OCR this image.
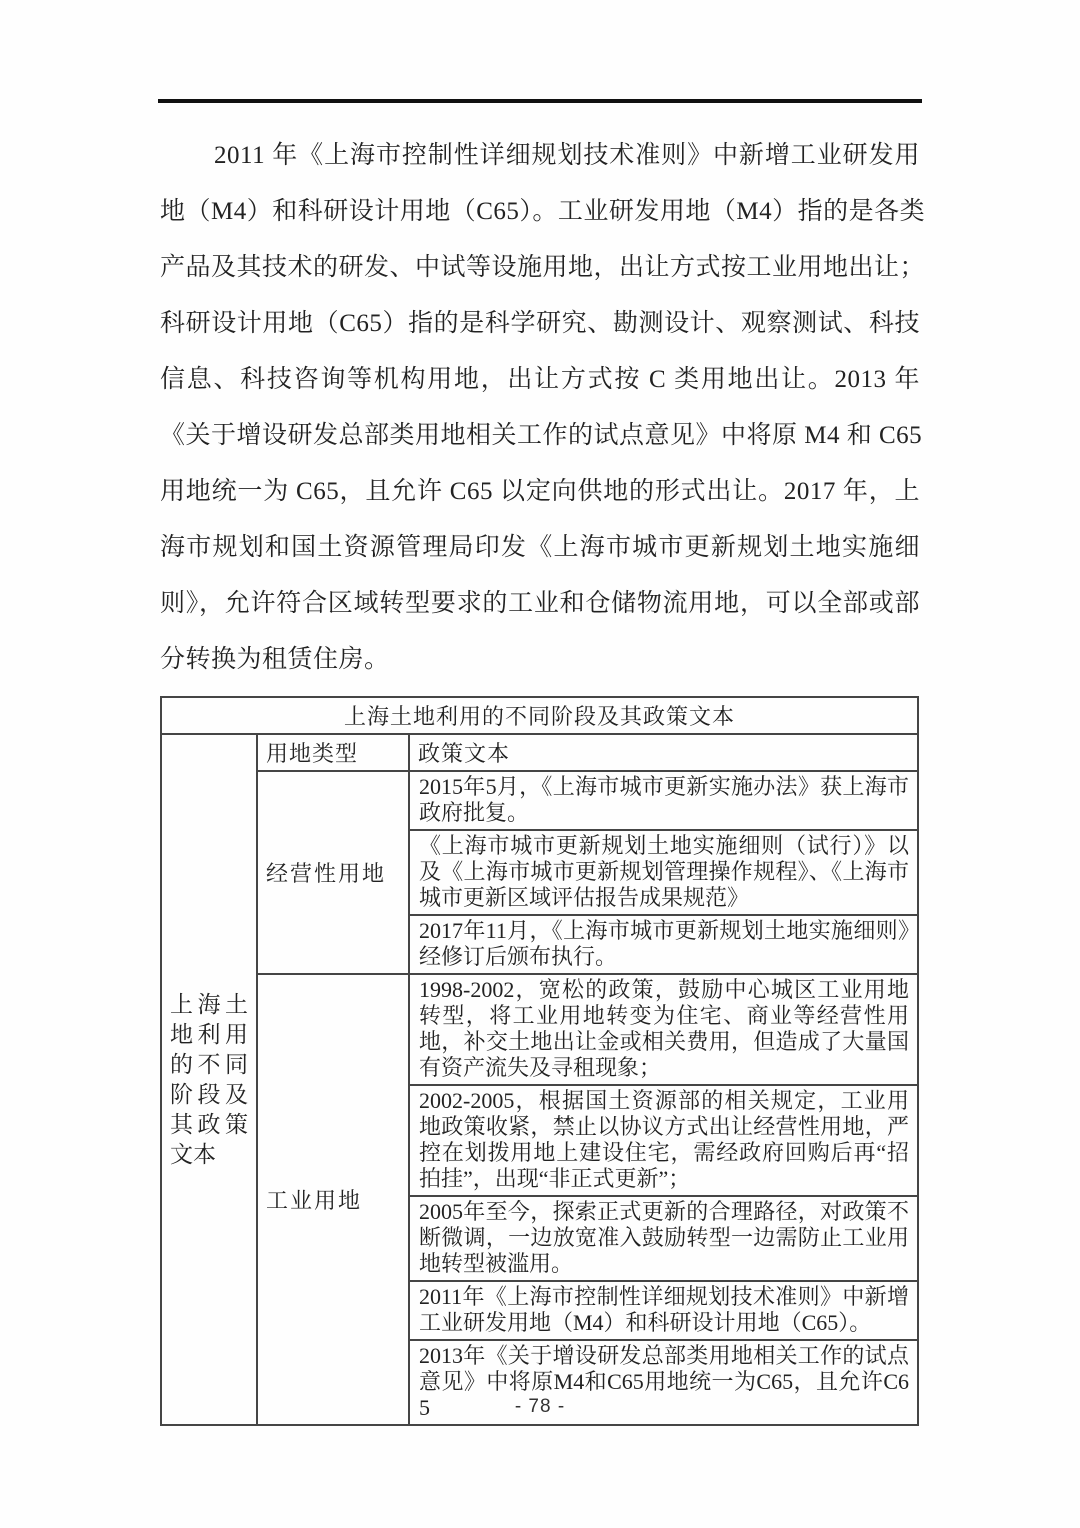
2011 年《上海市控制性详细规划技术准则》中新增工业研发用
地（M4）和科研设计用地（C65）。工业研发用地（M4）指的是各类
产品及其技术的研发、中试等设施用地，出让方式按工业用地出让；
科研设计用地（C65）指的是科学研究、勘测设计、观察测试、科技
信息、科技咨询等机构用地，出让方式按 C 类用地出让。2013 年
《关于增设研发总部类用地相关工作的试点意见》中将原 M4 和 C65
用地统一为 C65，且允许 C65 以定向供地的形式出让。2017 年，上
海市规划和国土资源管理局印发《上海市城市更新规划土地实施细
则》，允许符合区域转型要求的工业和仓储物流用地，可以全部或部
分转换为租赁住房。
上海土地利用的不同阶段及其政策文本		

上海土地利用的不同阶段及其政策文本	用地类型	政策文本
	经营性用地	2015年5月，《上海市城市更新实施办法》获上海市政府批复。
		《上海市城市更新规划土地实施细则（试行）》以及《上海市城市更新规划管理操作规程》、《上海市城市更新区域评估报告成果规范》
		2017年11月，《上海市城市更新规划土地实施细则》经修订后颁布执行。
	工业用地	1998-2002，宽松的政策，鼓励中心城区工业用地转型，将工业用地转变为住宅、商业等经营性用地，补交土地出让金或相关费用，但造成了大量国有资产流失及寻租现象；
		2002-2005，根据国土资源部的相关规定，工业用地政策收紧，禁止以协议方式出让经营性用地，严控在划拨用地上建设住宅，需经政府回购后再“招拍挂”，出现“非正式更新”；
		2005年至今，探索正式更新的合理路径，对政策不断微调，一边放宽准入鼓励转型一边需防止工业用地转型被滥用。
		2011年《上海市控制性详细规划技术准则》中新增工业研发用地（M4）和科研设计用地（C65）。
		2013年《关于增设研发总部类用地相关工作的试点意见》中将原M4和C65用地统一为C65，且允许C65	- 78 -
